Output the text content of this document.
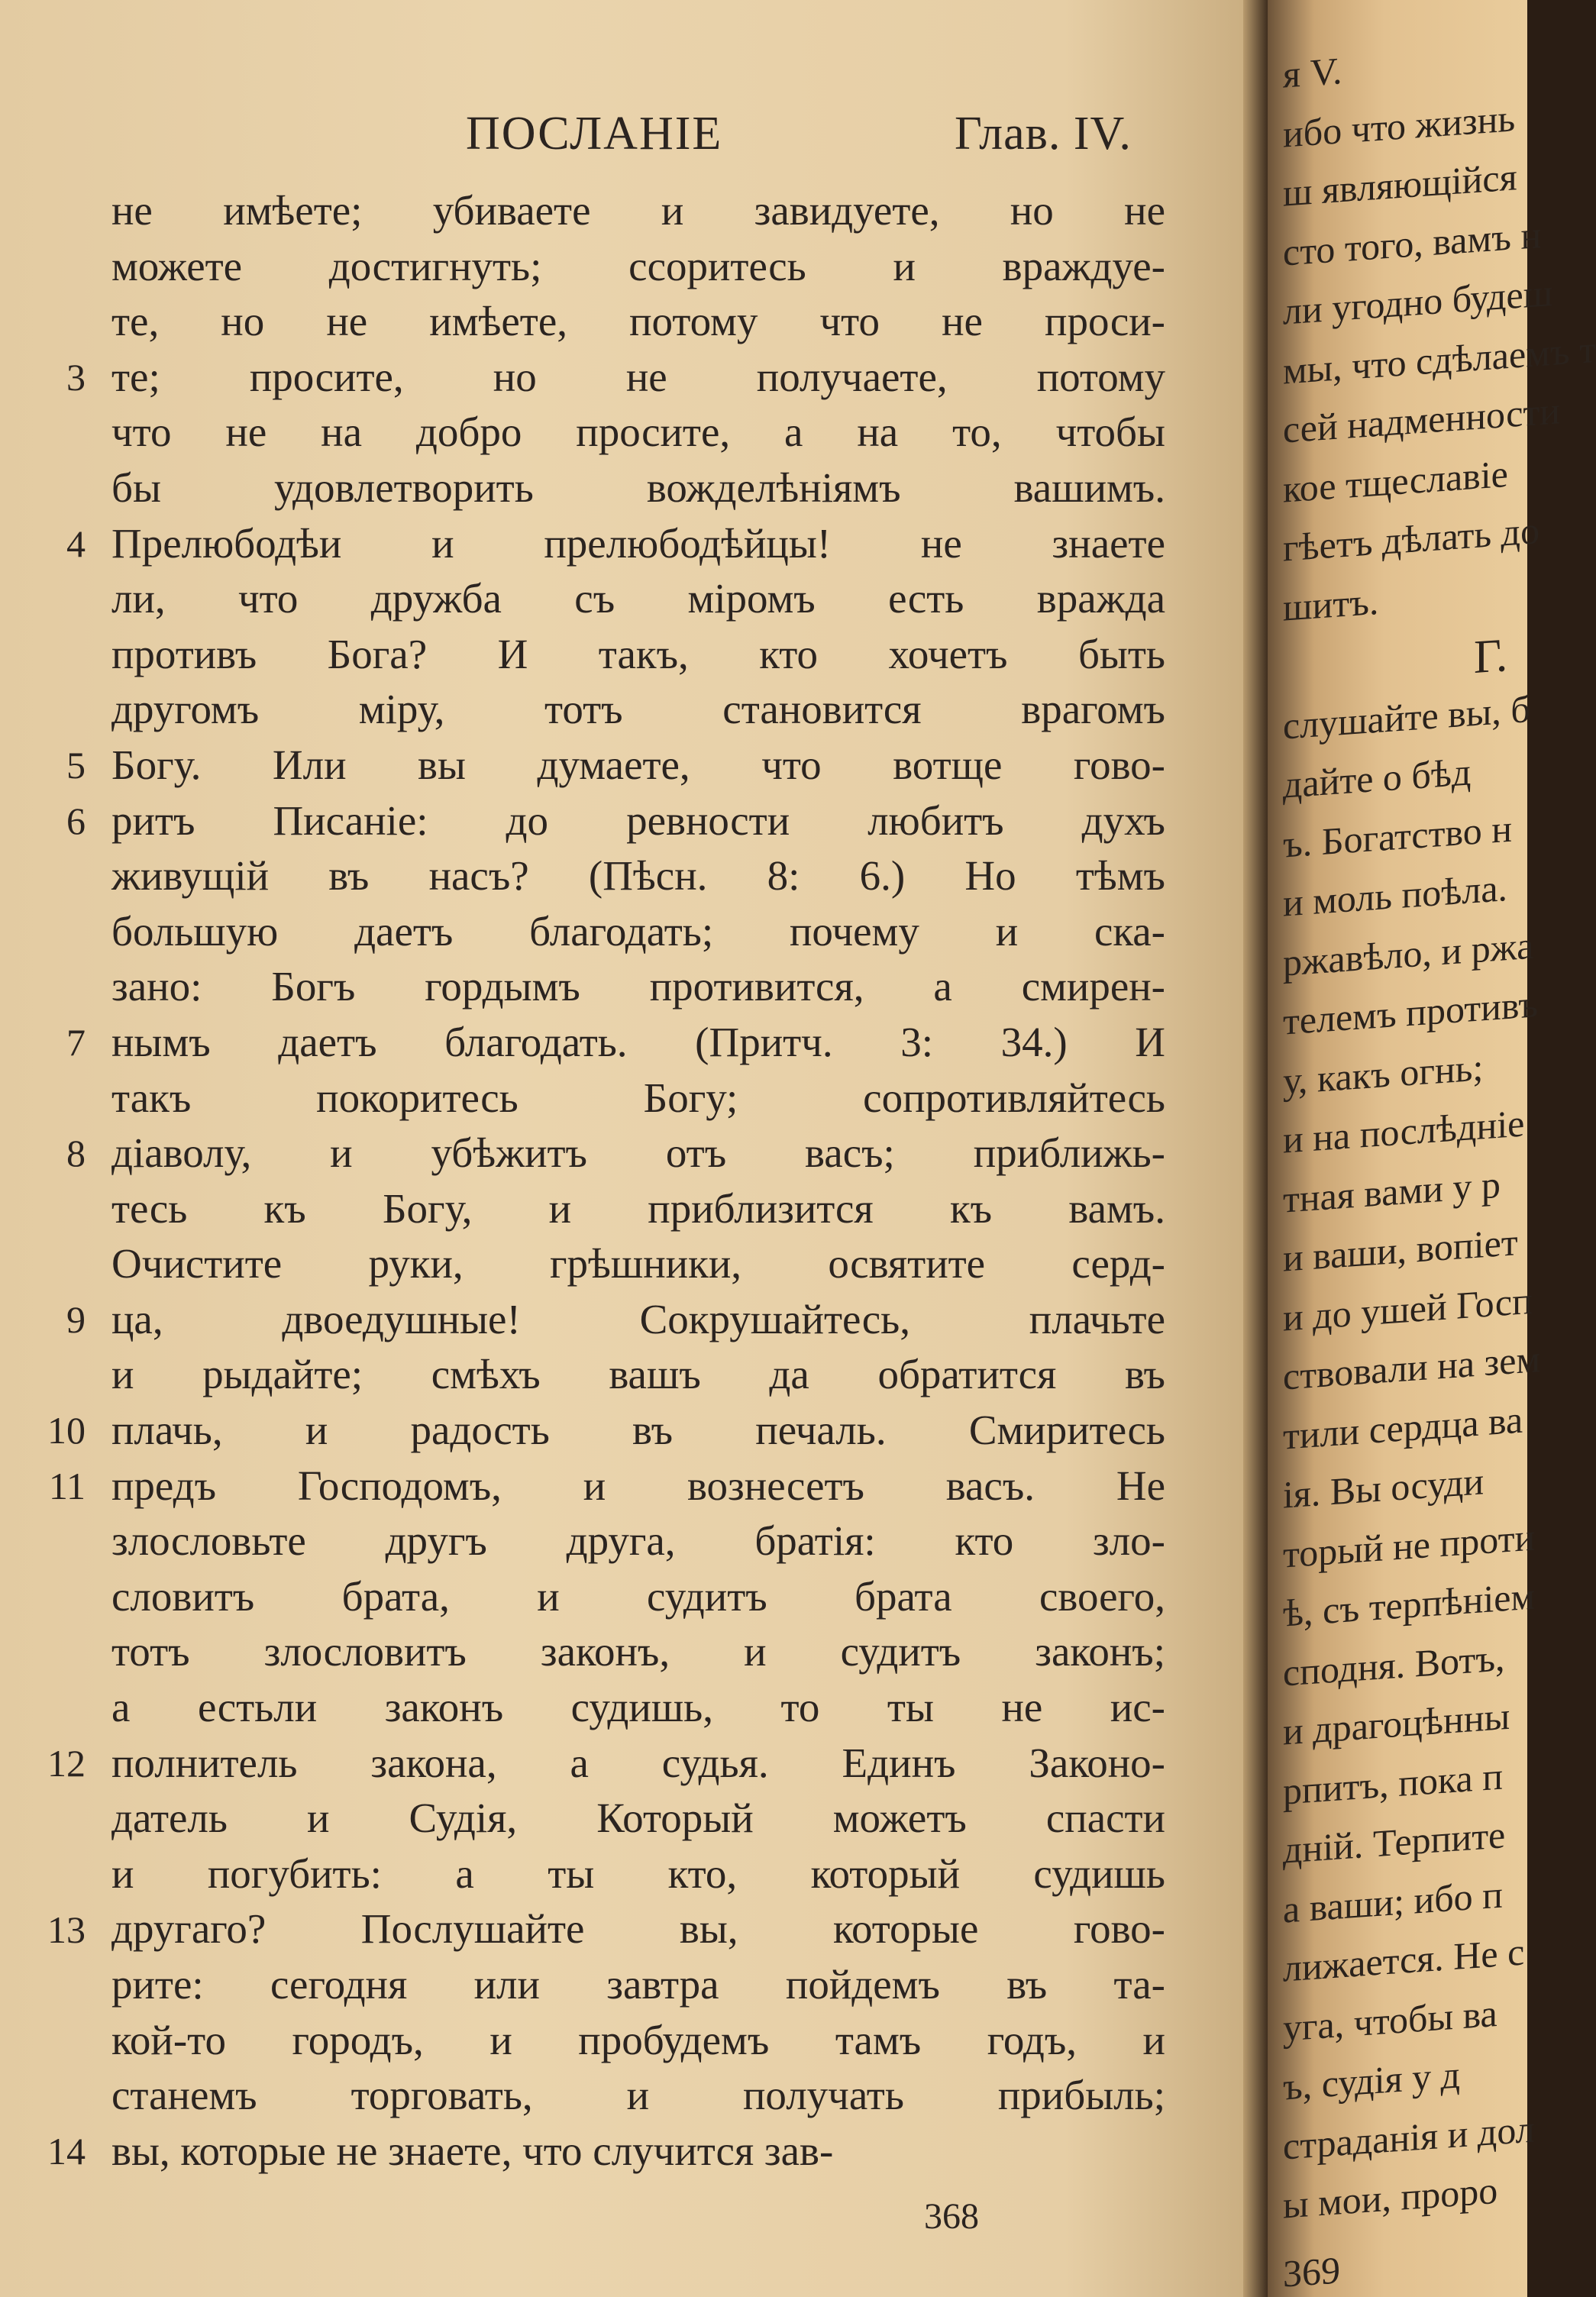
ПОСЛАНІЕ	Глав. IV.
3
4
5
6
7
8
9
10
11
12
13
14
не имѣете; убиваете и завидуете, но не
можете достигнуть; ссоритесь и враждуе-
те, но не имѣете, потому что не проси-
те; просите, но не получаете, потому
что не на добро просите, а на то, чтобы
бы удовлетворить вожделѣніямъ вашимъ.
Прелюбодѣи и прелюбодѣйцы! не знаете
ли, что дружба съ міромъ есть вражда
противъ Бога? И такъ, кто хочетъ быть
другомъ міру, тотъ становится врагомъ
Богу. Или вы думаете, что вотще гово-
ритъ Писаніе: до ревности любитъ духъ
живущій въ насъ? (Пѣсн. 8: 6.) Но тѣмъ
большую даетъ благодать; почему и ска-
зано: Богъ гордымъ противится, а смирен-
нымъ даетъ благодать. (Притч. 3: 34.) И
такъ покоритесь Богу; сопротивляйтесь
діаволу, и убѣжитъ отъ васъ; приближь-
тесь къ Богу, и приблизится къ вамъ.
Очистите руки, грѣшники, освятите серд-
ца, двоедушные! Сокрушайтесь, плачьте
и рыдайте; смѣхъ вашъ да обратится въ
плачь, и радость въ печаль. Смиритесь
предъ Господомъ, и вознесетъ васъ. Не
злословьте другъ друга, братія: кто зло-
словитъ брата, и судитъ брата своего,
тотъ злословитъ законъ, и судитъ законъ;
а естьли законъ судишь, то ты не ис-
полнитель закона, а судья. Единъ Законо-
датель и Судія, Который можетъ спасти
и погубить: а ты кто, который судишь
другаго? Послушайте вы, которые гово-
рите: сегодня или завтра пойдемъ въ та-
кой-то городъ, и пробудемъ тамъ годъ, и
станемъ торговать, и получать прибыль;
вы, которые не знаете, что случится зав-
368
я V.
ибо что жизнь
ш являющійся
сто того, вамъ н
ли угодно будеш
мы, что сдѣлаемъ т
сей надменности
кое тщеславіе
гѣетъ дѣлать до
шитъ.
Г.
слушайте вы, б
дайте о бѣд
ъ. Богатство н
и моль поѣла.
ржавѣло, и ржа
телемъ противъ
у, какъ огнь;
и на послѣдніе
тная вами у р
и ваши, вопіет
и до ушей Госп
ствовали на зем
тили сердца ва
ія. Вы осуди
торый не проти
ѣ, съ терпѣніем
сподня. Вотъ,
и драгоцѣнны
рпитъ, пока п
дній. Терпите
а ваши; ибо п
лижается. Не с
уга, чтобы ва
ъ, судія у д
страданія и дол
ы мои, проро
369
